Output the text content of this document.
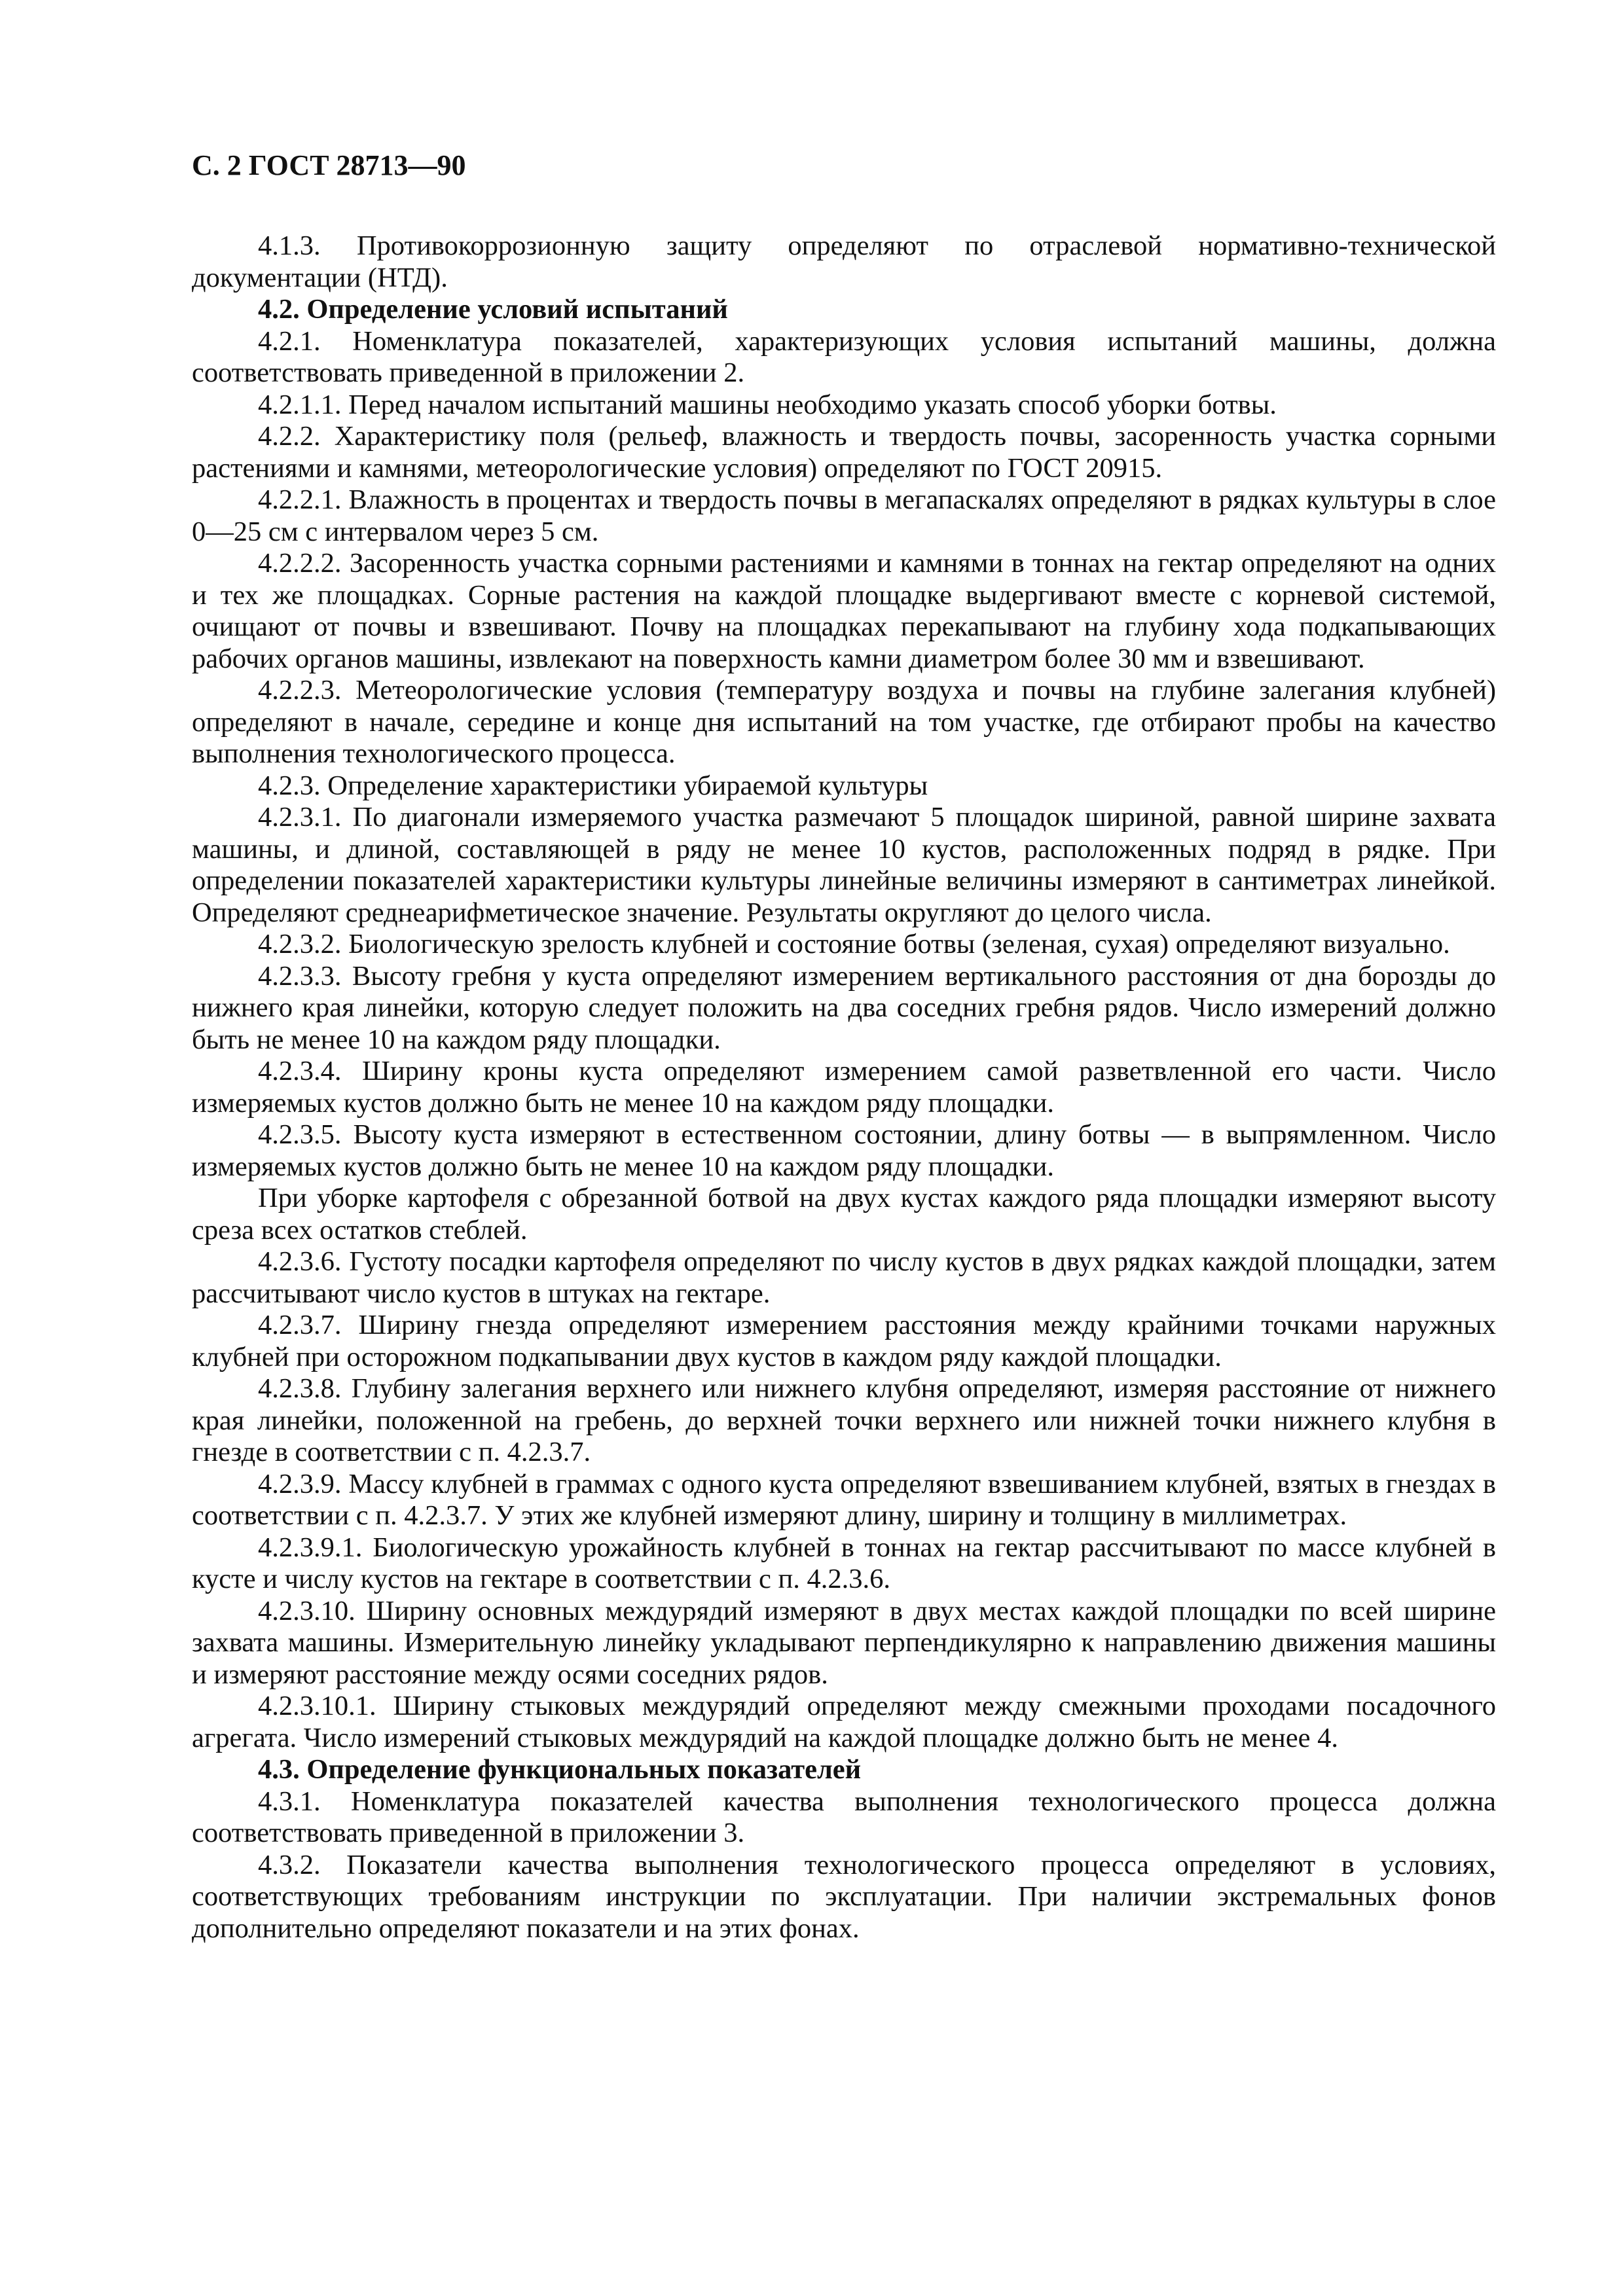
С. 2 ГОСТ 28713—90

4.1.3. Противокоррозионную защиту определяют по отраслевой нормативно-технической документации (НТД).

4.2. Определение условий испытаний

4.2.1. Номенклатура показателей, характеризующих условия испытаний машины, должна соответствовать приведенной в приложении 2.

4.2.1.1. Перед началом испытаний машины необходимо указать способ уборки ботвы.

4.2.2. Характеристику поля (рельеф, влажность и твердость почвы, засоренность участка сорными растениями и камнями, метеорологические условия) определяют по ГОСТ 20915.

4.2.2.1. Влажность в процентах и твердость почвы в мегапаскалях определяют в рядках культуры в слое 0—25 см с интервалом через 5 см.

4.2.2.2. Засоренность участка сорными растениями и камнями в тоннах на гектар определяют на одних и тех же площадках. Сорные растения на каждой площадке выдергивают вместе с корневой системой, очищают от почвы и взвешивают. Почву на площадках перекапывают на глубину хода подкапывающих рабочих органов машины, извлекают на поверхность камни диаметром более 30 мм и взвешивают.

4.2.2.3. Метеорологические условия (температуру воздуха и почвы на глубине залегания клубней) определяют в начале, середине и конце дня испытаний на том участке, где отбирают пробы на качество выполнения технологического процесса.

4.2.3. Определение характеристики убираемой культуры

4.2.3.1. По диагонали измеряемого участка размечают 5 площадок шириной, равной ширине захвата машины, и длиной, составляющей в ряду не менее 10 кустов, расположенных подряд в рядке. При определении показателей характеристики культуры линейные величины измеряют в сантиметрах линейкой. Определяют среднеарифметическое значение. Результаты округляют до целого числа.

4.2.3.2. Биологическую зрелость клубней и состояние ботвы (зеленая, сухая) определяют визуально.

4.2.3.3. Высоту гребня у куста определяют измерением вертикального расстояния от дна борозды до нижнего края линейки, которую следует положить на два соседних гребня рядов. Число измерений должно быть не менее 10 на каждом ряду площадки.

4.2.3.4. Ширину кроны куста определяют измерением самой разветвленной его части. Число измеряемых кустов должно быть не менее 10 на каждом ряду площадки.

4.2.3.5. Высоту куста измеряют в естественном состоянии, длину ботвы — в выпрямленном. Число измеряемых кустов должно быть не менее 10 на каждом ряду площадки.

При уборке картофеля с обрезанной ботвой на двух кустах каждого ряда площадки измеряют высоту среза всех остатков стеблей.

4.2.3.6. Густоту посадки картофеля определяют по числу кустов в двух рядках каждой площадки, затем рассчитывают число кустов в штуках на гектаре.

4.2.3.7. Ширину гнезда определяют измерением расстояния между крайними точками наружных клубней при осторожном подкапывании двух кустов в каждом ряду каждой площадки.

4.2.3.8. Глубину залегания верхнего или нижнего клубня определяют, измеряя расстояние от нижнего края линейки, положенной на гребень, до верхней точки верхнего или нижней точки нижнего клубня в гнезде в соответствии с п. 4.2.3.7.

4.2.3.9. Массу клубней в граммах с одного куста определяют взвешиванием клубней, взятых в гнездах в соответствии с п. 4.2.3.7. У этих же клубней измеряют длину, ширину и толщину в миллиметрах.

4.2.3.9.1. Биологическую урожайность клубней в тоннах на гектар рассчитывают по массе клубней в кусте и числу кустов на гектаре в соответствии с п. 4.2.3.6.

4.2.3.10. Ширину основных междурядий измеряют в двух местах каждой площадки по всей ширине захвата машины. Измерительную линейку укладывают перпендикулярно к направлению движения машины и измеряют расстояние между осями соседних рядов.

4.2.3.10.1. Ширину стыковых междурядий определяют между смежными проходами посадочного агрегата. Число измерений стыковых междурядий на каждой площадке должно быть не менее 4.

4.3. Определение функциональных показателей

4.3.1. Номенклатура показателей качества выполнения технологического процесса должна соответствовать приведенной в приложении 3.

4.3.2. Показатели качества выполнения технологического процесса определяют в условиях, соответствующих требованиям инструкции по эксплуатации. При наличии экстремальных фонов дополнительно определяют показатели и на этих фонах.
